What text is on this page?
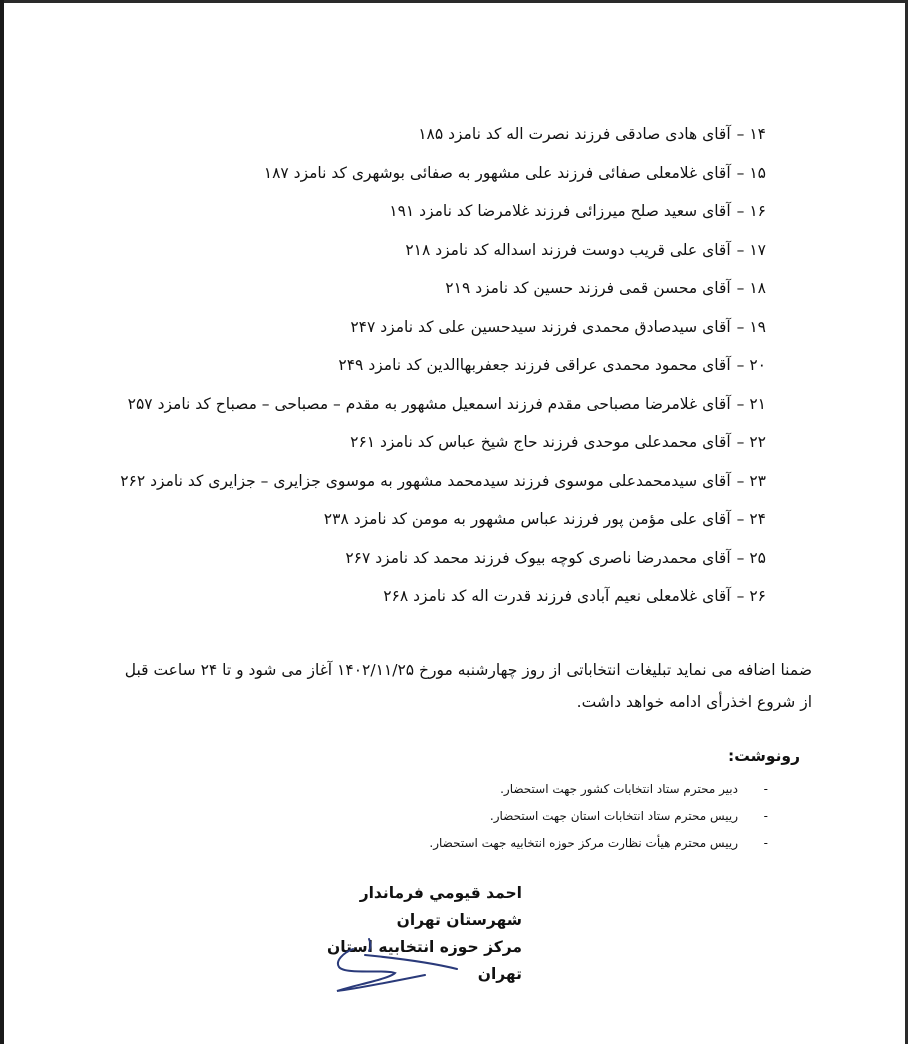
۱۴ –آقای هادی صادقی فرزند نصرت اله کد نامزد ۱۸۵
۱۵ –آقای غلامعلی صفائی فرزند علی مشهور به صفائی بوشهری کد نامزد ۱۸۷
۱۶ –آقای سعید صلح میرزائی فرزند غلامرضا کد نامزد ۱۹۱
۱۷ –آقای علی قریب دوست فرزند اسداله کد نامزد ۲۱۸
۱۸ –آقای محسن قمی فرزند حسین کد نامزد ۲۱۹
۱۹ –آقای سیدصادق محمدی فرزند سیدحسین علی کد نامزد ۲۴۷
۲۰ –آقای محمود محمدی عراقی فرزند جعفربهاالدین کد نامزد ۲۴۹
۲۱ –آقای غلامرضا مصباحی مقدم فرزند اسمعیل مشهور به مقدم – مصباحی – مصباح کد نامزد ۲۵۷
۲۲ –آقای محمدعلی موحدی فرزند حاج شیخ عباس کد نامزد ۲۶۱
۲۳ –آقای سیدمحمدعلی موسوی فرزند سیدمحمد مشهور به موسوی جزایری – جزایری کد نامزد ۲۶۲
۲۴ –آقای علی مؤمن پور فرزند عباس مشهور به مومن کد نامزد ۲۳۸
۲۵ –آقای محمدرضا ناصری کوچه بیوک فرزند محمد کد نامزد ۲۶۷
۲۶ –آقای غلامعلی نعیم آبادی فرزند قدرت اله کد نامزد ۲۶۸
ضمنا اضافه می نماید تبلیغات انتخاباتی از روز چهارشنبه مورخ ۱۴۰۲/۱۱/۲۵ آغاز می شود و تا ۲۴ ساعت قبل
از شروع اخذرأی ادامه خواهد داشت.
رونوشت:
-
دبیر محترم ستاد انتخابات کشور جهت استحضار.
-
رییس محترم ستاد انتخابات استان جهت استحضار.
-
رییس محترم هیأت نظارت مرکز حوزه انتخابیه جهت استحضار.
احمد قیومي فرماندار شهرستان تهران
مرکز حوزه انتخابیه استان تهران
